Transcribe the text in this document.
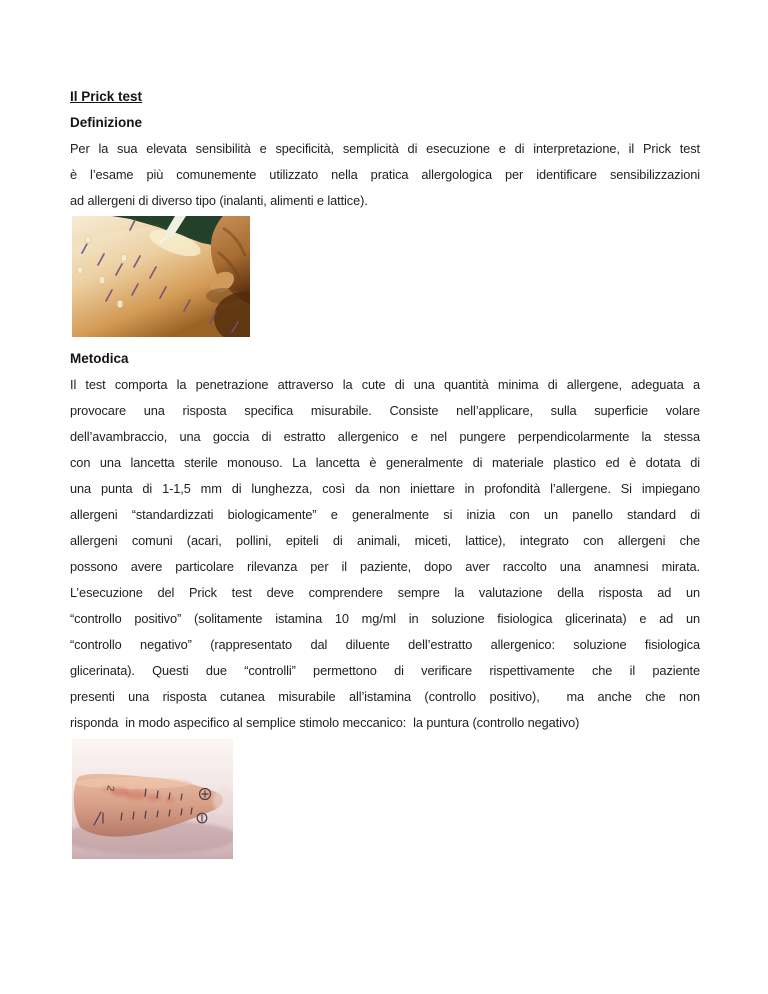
Il Prick test
Definizione
Per la sua elevata sensibilità e specificità, semplicità di esecuzione e di interpretazione, il Prick test
è l’esame più comunemente utilizzato nella pratica allergologica per identificare sensibilizzazioni
ad allergeni di diverso tipo (inalanti, alimenti e lattice).
Metodica
Il test comporta la penetrazione attraverso la cute di una quantità minima di allergene, adeguata a
provocare una risposta specifica misurabile. Consiste nell’applicare, sulla superficie volare
dell’avambraccio, una goccia di estratto allergenico e nel pungere perpendicolarmente la stessa
con una lancetta sterile monouso. La lancetta è generalmente di materiale plastico ed è dotata di
una punta di 1-1,5 mm di lunghezza, così da non iniettare in profondità l’allergene. Si impiegano
allergeni “standardizzati biologicamente” e generalmente si inizia con un panello standard di
allergeni comuni (acari, pollini, epiteli di animali, miceti, lattice), integrato con allergeni che
possono avere particolare rilevanza per il paziente, dopo aver raccolto una anamnesi mirata.
L’esecuzione del Prick test deve comprendere sempre la valutazione della risposta ad un
“controllo positivo” (solitamente istamina 10 mg/ml in soluzione fisiologica glicerinata) e ad un
“controllo negativo” (rappresentato dal diluente dell’estratto allergenico: soluzione fisiologica
glicerinata). Questi due “controlli” permettono di verificare rispettivamente che il paziente
presenti una risposta cutanea misurabile all’istamina (controllo positivo),  ma anche che non
risponda  in modo aspecifico al semplice stimolo meccanico:  la puntura (controllo negativo)
2
